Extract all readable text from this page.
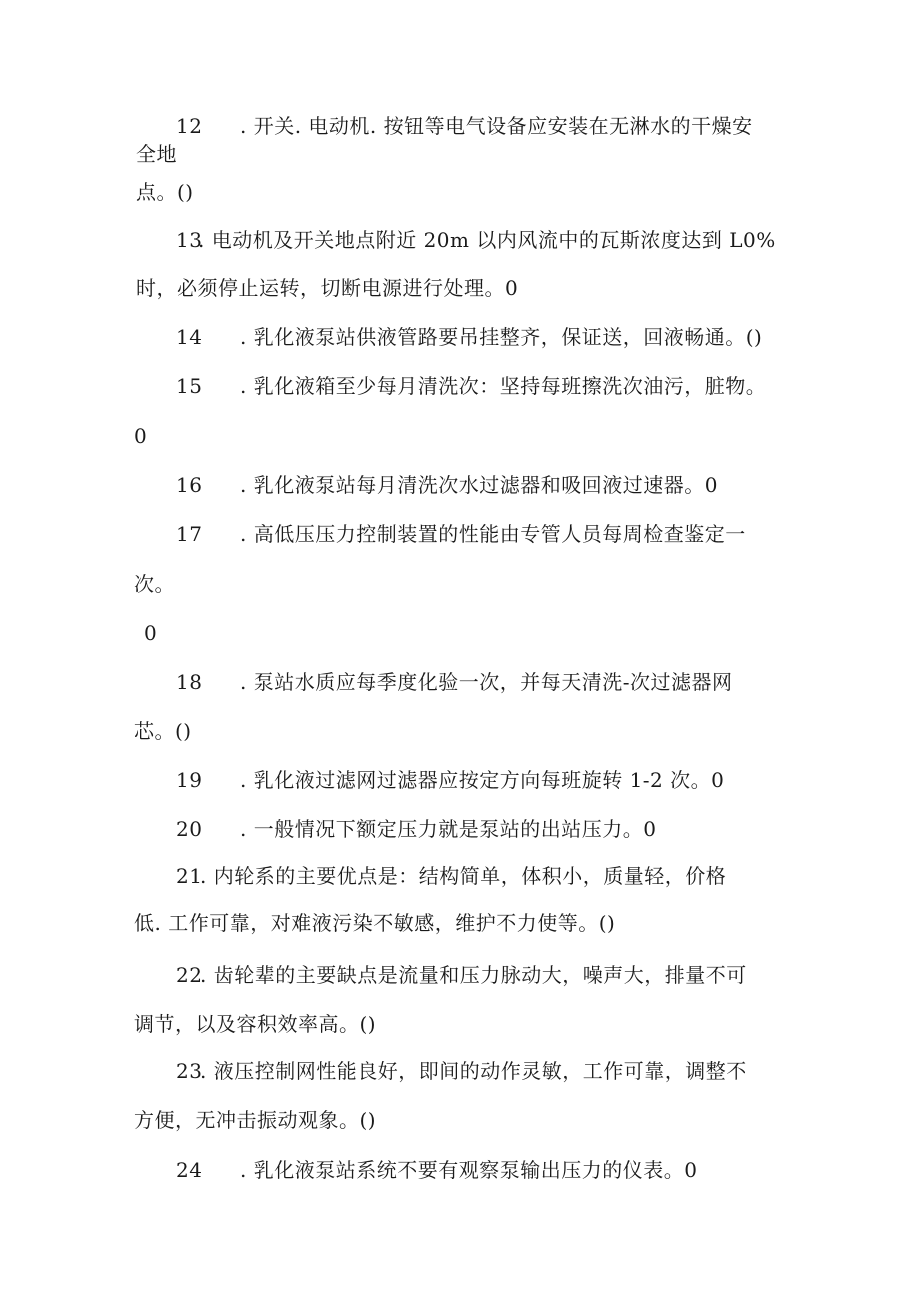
12 . 开关. 电动机. 按钮等电气设备应安装在无淋水的干燥安
全地
点。()
13
. 电动机及开关地点附近 20m 以内风流中的瓦斯浓度达到 L0%
时，必须停止运转，切断电源进行处理。0
14 . 乳化液泵站供液管路要吊挂整齐，保证送，回液畅通。()
15 . 乳化液箱至少每月清洗次：坚持每班擦洗次油污，脏物。
0
16 . 乳化液泵站每月清洗次水过滤器和吸回液过速器。0
17 . 高低压压力控制装置的性能由专管人员每周检查鉴定一
次。
0
18 . 泵站水质应每季度化验一次，并每天清洗-次过滤器网
芯。()
19 . 乳化液过滤网过滤器应按定方向每班旋转 1-2 次。0
20 . 一般情况下额定压力就是泵站的出站压力。0
21
. 内轮系的主要优点是：结构简单，体积小，质量轻，价格
低. 工作可靠，对难液污染不敏感，维护不力使等。()
22
. 齿轮辈的主要缺点是流量和压力脉动大，噪声大，排量不可
调节，以及容积效率高。()
23
. 液压控制网性能良好，即间的动作灵敏，工作可靠，调整不
方便，无冲击振动观象。()
24 . 乳化液泵站系统不要有观察泵输出压力的仪表。0
